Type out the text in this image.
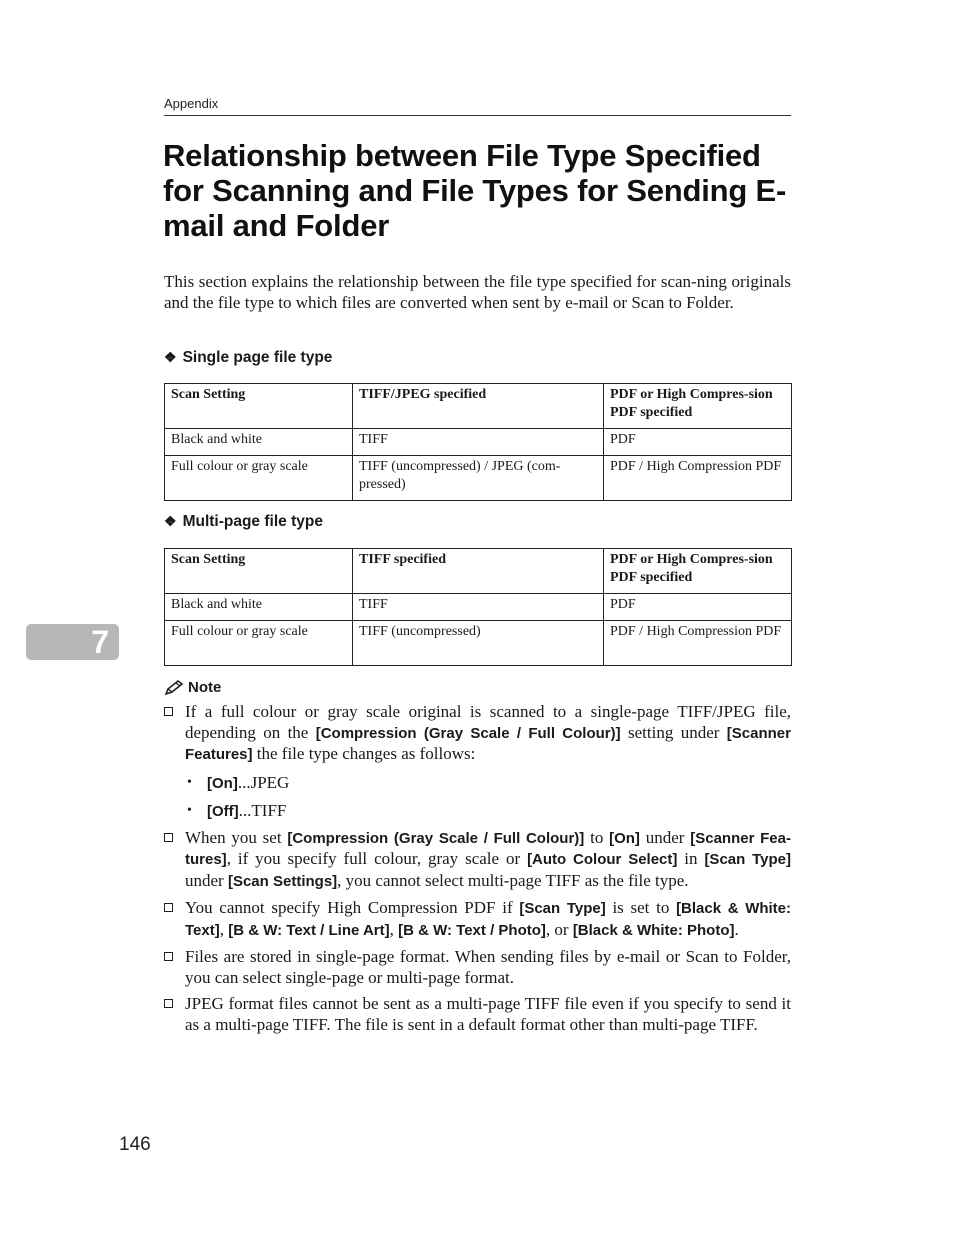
Appendix
Relationship between File Type Specified for Scanning and File Types for Sending E-mail and Folder

This section explains the relationship between the file type specified for scan-ning originals and the file type to which files are converted when sent by e-mail or Scan to Folder.

❖ Single page file type
Scan Setting	TIFF/JPEG specified	PDF or High Compres-sion PDF specified
Black and white	TIFF	PDF
Full colour or gray scale	TIFF (uncompressed) / JPEG (com-pressed)	PDF / High Compression PDF
❖ Multi-page file type
Scan Setting	TIFF specified	PDF or High Compres-sion PDF specified
Black and white	TIFF	PDF
Full colour or gray scale	TIFF (uncompressed)	PDF / High Compression PDF
7
Note
If a full colour or gray scale original is scanned to a single-page TIFF/JPEG file, depending on the [Compression (Gray Scale / Full Colour)] setting under [Scanner Features] the file type changes as follows:
• [On]...JPEG
• [Off]...TIFF
When you set [Compression (Gray Scale / Full Colour)] to [On] under [Scanner Fea-tures], if you specify full colour, gray scale or [Auto Colour Select] in [Scan Type] under [Scan Settings], you cannot select multi-page TIFF as the file type.
You cannot specify High Compression PDF if [Scan Type] is set to [Black & White: Text], [B & W: Text / Line Art], [B & W: Text / Photo], or [Black & White: Photo].
Files are stored in single-page format. When sending files by e-mail or Scan to Folder, you can select single-page or multi-page format.
JPEG format files cannot be sent as a multi-page TIFF file even if you specify to send it as a multi-page TIFF. The file is sent in a default format other than multi-page TIFF.
146
